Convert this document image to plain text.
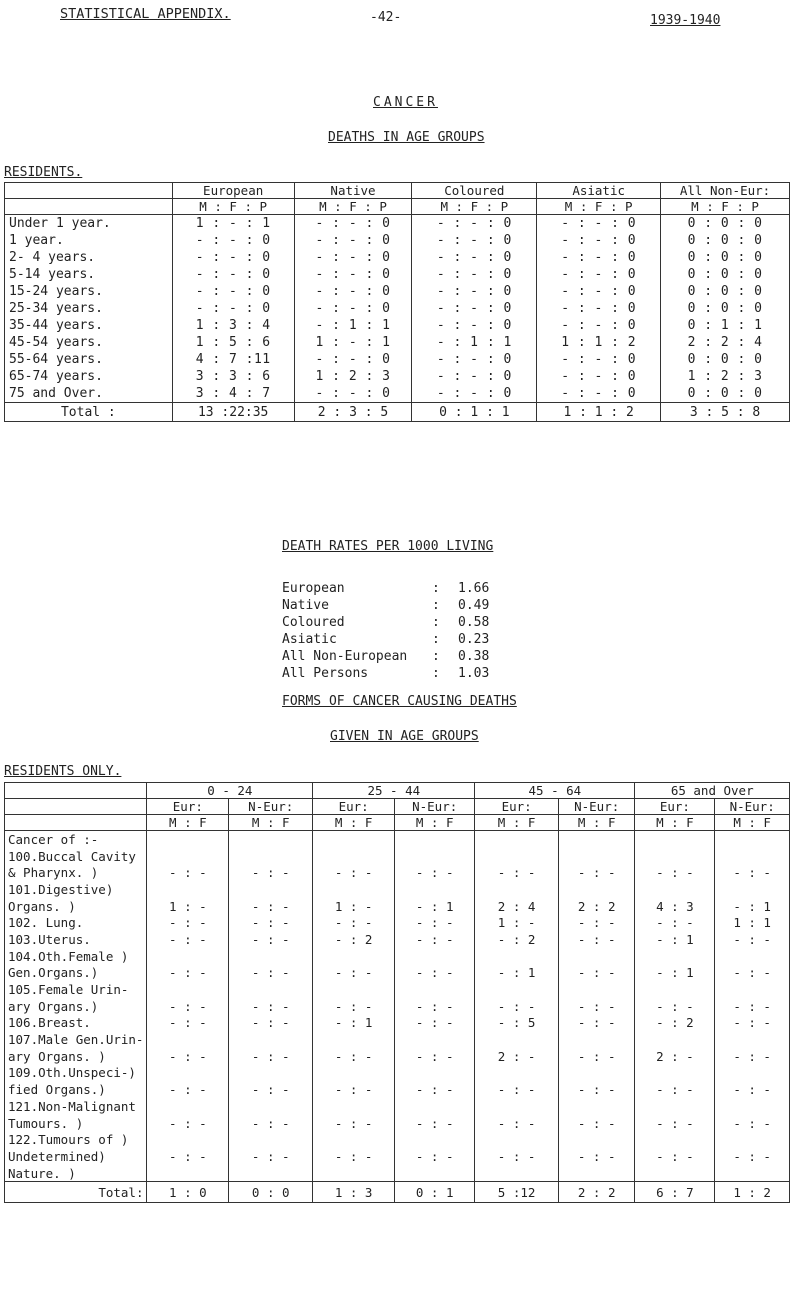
STATISTICAL APPENDIX.	-42-	1939-1940
CANCER
DEATHS IN AGE GROUPS
RESIDENTS.
	European	Native	Coloured	Asiatic	All Non-Eur:
	M : F : P	M : F : P	M : F : P	M : F : P	M : F : P
Under 1 year.	1 : - : 1	- : - : 0	- : - : 0	- : - : 0	0 : 0 : 0
1 year.	- : - : 0	- : - : 0	- : - : 0	- : - : 0	0 : 0 : 0
2- 4 years.	- : - : 0	- : - : 0	- : - : 0	- : - : 0	0 : 0 : 0
5-14 years.	- : - : 0	- : - : 0	- : - : 0	- : - : 0	0 : 0 : 0
15-24 years.	- : - : 0	- : - : 0	- : - : 0	- : - : 0	0 : 0 : 0
25-34 years.	- : - : 0	- : - : 0	- : - : 0	- : - : 0	0 : 0 : 0
35-44 years.	1 : 3 : 4	- : 1 : 1	- : - : 0	- : - : 0	0 : 1 : 1
45-54 years.	1 : 5 : 6	1 : - : 1	- : 1 : 1	1 : 1 : 2	2 : 2 : 4
55-64 years.	4 : 7 :11	- : - : 0	- : - : 0	- : - : 0	0 : 0 : 0
65-74 years.	3 : 3 : 6	1 : 2 : 3	- : - : 0	- : - : 0	1 : 2 : 3
75 and Over.	3 : 4 : 7	- : - : 0	- : - : 0	- : - : 0	0 : 0 : 0
Total :	13 :22:35	2 : 3 : 5	0 : 1 : 1	1 : 1 : 2	3 : 5 : 8
DEATH RATES PER 1000 LIVING
European	:	1.66
Native	:	0.49
Coloured	:	0.58
Asiatic	:	0.23
All Non-European	:	0.38
All Persons	:	1.03
FORMS OF CANCER CAUSING DEATHS
GIVEN IN AGE GROUPS
RESIDENTS ONLY.
	0 - 24		25 - 44		45 - 64		65 and Over	
	Eur:	N-Eur:	Eur:	N-Eur:	Eur:	N-Eur:	Eur:	N-Eur:
	M : F	M : F	M : F	M : F	M : F	M : F	M : F	M : F
Cancer of :-								
100.Buccal Cavity								
& Pharynx. )	- : -	- : -	- : -	- : -	- : -	- : -	- : -	- : -
101.Digestive)								
Organs. )	1 : -	- : -	1 : -	- : 1	2 : 4	2 : 2	4 : 3	- : 1
102. Lung.	- : -	- : -	- : -	- : -	1 : -	- : -	- : -	1 : 1
103.Uterus.	- : -	- : -	- : 2	- : -	- : 2	- : -	- : 1	- : -
104.Oth.Female )								
Gen.Organs.)	- : -	- : -	- : -	- : -	- : 1	- : -	- : 1	- : -
105.Female Urin-								
ary Organs.)	- : -	- : -	- : -	- : -	- : -	- : -	- : -	- : -
106.Breast.	- : -	- : -	- : 1	- : -	- : 5	- : -	- : 2	- : -
107.Male Gen.Urin-								
ary Organs. )	- : -	- : -	- : -	- : -	2 : -	- : -	2 : -	- : -
109.Oth.Unspeci-)								
fied Organs.)	- : -	- : -	- : -	- : -	- : -	- : -	- : -	- : -
121.Non-Malignant								
Tumours. )	- : -	- : -	- : -	- : -	- : -	- : -	- : -	- : -
122.Tumours of )								
Undetermined)	- : -	- : -	- : -	- : -	- : -	- : -	- : -	- : -
Nature. )								
Total:	1 : 0	0 : 0	1 : 3	0 : 1	5 :12	2 : 2	6 : 7	1 : 2
